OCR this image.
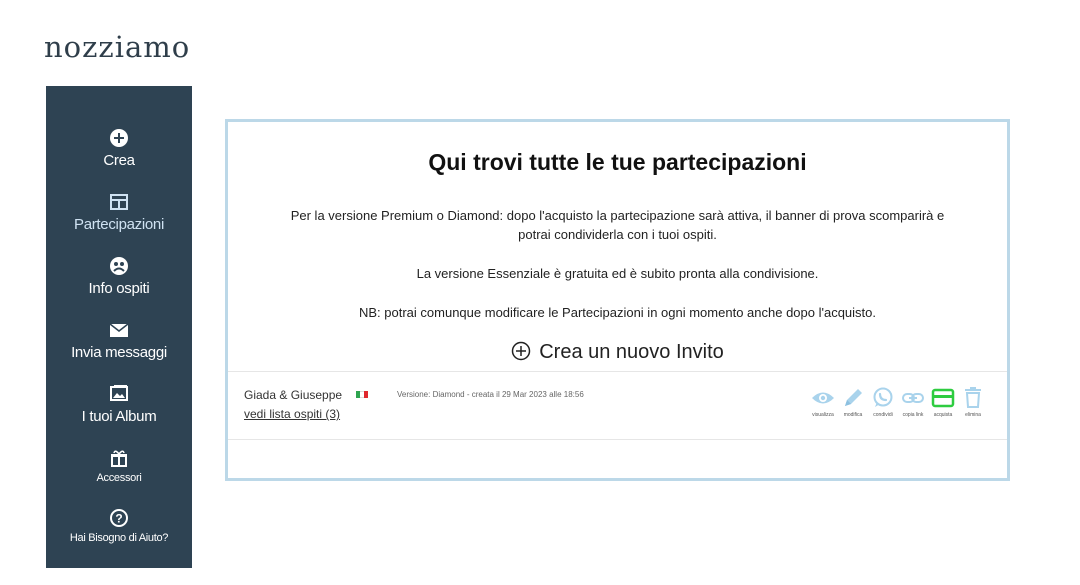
nozziamo
Crea
Partecipazioni
Info ospiti
Invia messaggi
I tuoi Album
Accessori
?
Hai Bisogno di Aiuto?
Qui trovi tutte le tue partecipazioni
Per la versione Premium o Diamond: dopo l'acquisto la partecipazione sarà attiva, il banner di prova scomparirà e
potrai condividerla con i tuoi ospiti.
La versione Essenziale è gratuita ed è subito pronta alla condivisione.
NB: potrai comunque modificare le Partecipazioni in ogni momento anche dopo l'acquisto.
Crea un nuovo Invito
Giada & Giuseppe	Versione: Diamond - creata il 29 Mar 2023 alle 18:56
vedi lista ospiti (3)	visualizza	modifica	condividi	copia link	acquista	elimina
